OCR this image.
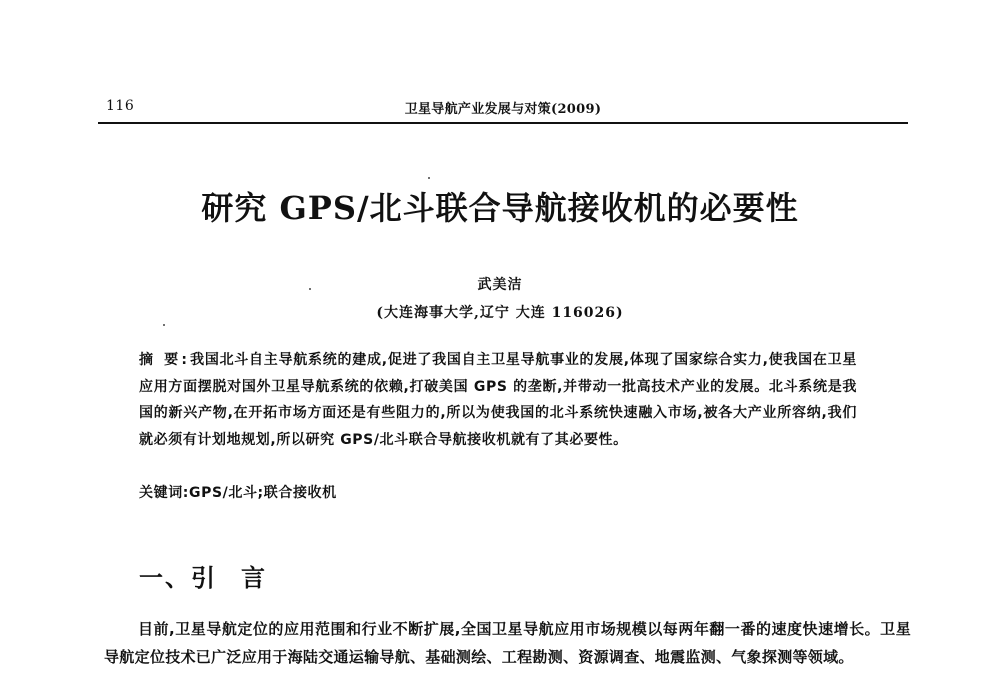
116	卫星导航产业发展与对策(2009)
研究 GPS/北斗联合导航接收机的必要性
武美洁
(大连海事大学,辽宁 大连 116026)
摘 要:我国北斗自主导航系统的建成,促进了我国自主卫星导航事业的发展,体现了国家综合实力,使我国在卫星应用方面摆脱对国外卫星导航系统的依赖,打破美国 GPS 的垄断,并带动一批高技术产业的发展。北斗系统是我国的新兴产物,在开拓市场方面还是有些阻力的,所以为使我国的北斗系统快速融入市场,被各大产业所容纳,我们就必须有计划地规划,所以研究 GPS/北斗联合导航接收机就有了其必要性。
关键词:GPS/北斗;联合接收机
一、引言

目前,卫星导航定位的应用范围和行业不断扩展,全国卫星导航应用市场规模以每两年翻一番的速度快速增长。卫星导航定位技术已广泛应用于海陆交通运输导航、基础测绘、工程勘测、资源调查、地震监测、气象探测等领域。
